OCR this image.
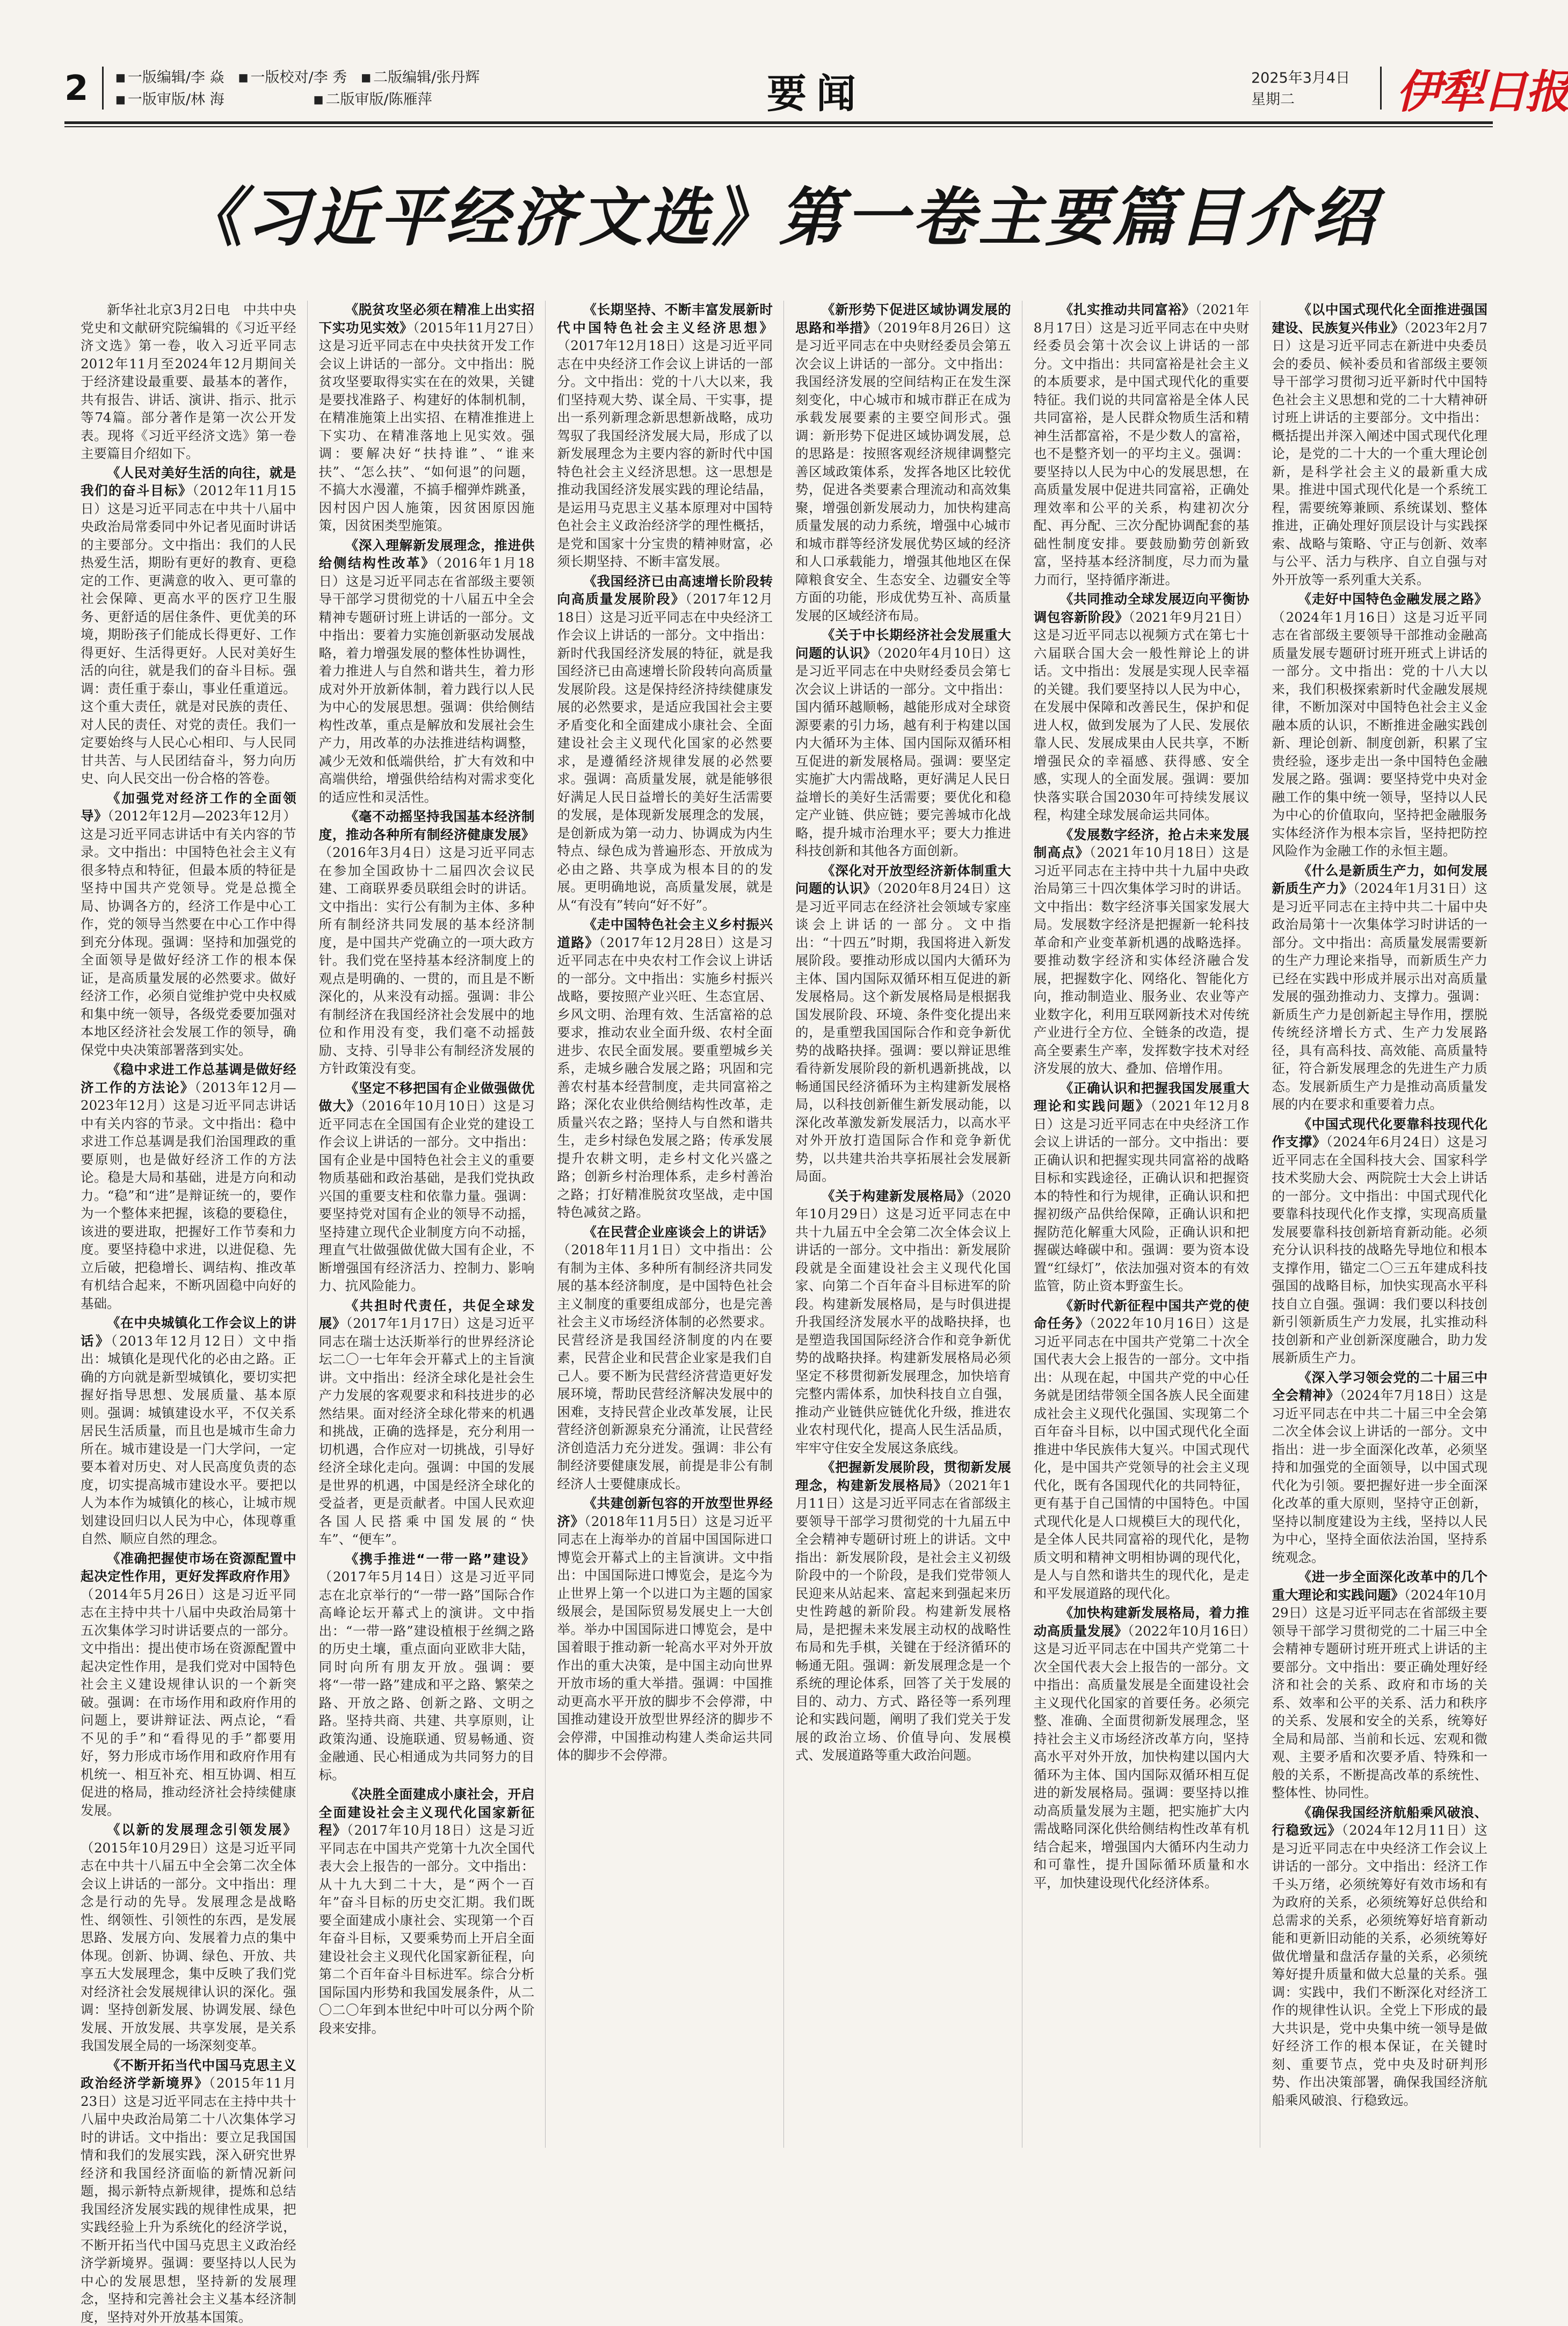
2	■ 一版编辑/李 焱 ■ 一版校对/李 秀 ■ 二版编辑/张丹辉
■ 一版审版/林 海	■ 二版审版/陈雁萍	要闻	2025年3月4日
星期二	伊犁日报
《习近平经济文选》第一卷主要篇目介绍

新华社北京3月2日电　中共中央党史和文献研究院编辑的《习近平经济文选》第一卷，收入习近平同志2012年11月至2024年12月期间关于经济建设最重要、最基本的著作，共有报告、讲话、演讲、指示、批示等74篇。部分著作是第一次公开发表。现将《习近平经济文选》第一卷主要篇目介绍如下。

《人民对美好生活的向往，就是我们的奋斗目标》（2012年11月15日）这是习近平同志在中共十八届中央政治局常委同中外记者见面时讲话的主要部分。文中指出：我们的人民热爱生活，期盼有更好的教育、更稳定的工作、更满意的收入、更可靠的社会保障、更高水平的医疗卫生服务、更舒适的居住条件、更优美的环境，期盼孩子们能成长得更好、工作得更好、生活得更好。人民对美好生活的向往，就是我们的奋斗目标。强调：责任重于泰山，事业任重道远。这个重大责任，就是对民族的责任、对人民的责任、对党的责任。我们一定要始终与人民心心相印、与人民同甘共苦、与人民团结奋斗，努力向历史、向人民交出一份合格的答卷。

《加强党对经济工作的全面领导》（2012年12月—2023年12月）这是习近平同志讲话中有关内容的节录。文中指出：中国特色社会主义有很多特点和特征，但最本质的特征是坚持中国共产党领导。党是总揽全局、协调各方的，经济工作是中心工作，党的领导当然要在中心工作中得到充分体现。强调：坚持和加强党的全面领导是做好经济工作的根本保证，是高质量发展的必然要求。做好经济工作，必须自觉维护党中央权威和集中统一领导，各级党委要加强对本地区经济社会发展工作的领导，确保党中央决策部署落到实处。

《稳中求进工作总基调是做好经济工作的方法论》（2013年12月—2023年12月）这是习近平同志讲话中有关内容的节录。文中指出：稳中求进工作总基调是我们治国理政的重要原则，也是做好经济工作的方法论。稳是大局和基础，进是方向和动力。“稳”和“进”是辩证统一的，要作为一个整体来把握，该稳的要稳住，该进的要进取，把握好工作节奏和力度。要坚持稳中求进，以进促稳、先立后破，把稳增长、调结构、推改革有机结合起来，不断巩固稳中向好的基础。

《在中央城镇化工作会议上的讲话》（2013年12月12日）文中指出：城镇化是现代化的必由之路。正确的方向就是新型城镇化，要切实把握好指导思想、发展质量、基本原则。强调：城镇建设水平，不仅关系居民生活质量，而且也是城市生命力所在。城市建设是一门大学问，一定要本着对历史、对人民高度负责的态度，切实提高城市建设水平。要把以人为本作为城镇化的核心，让城市规划建设回归以人民为中心，体现尊重自然、顺应自然的理念。

《准确把握使市场在资源配置中起决定性作用，更好发挥政府作用》（2014年5月26日）这是习近平同志在主持中共十八届中央政治局第十五次集体学习时讲话要点的一部分。文中指出：提出使市场在资源配置中起决定性作用，是我们党对中国特色社会主义建设规律认识的一个新突破。强调：在市场作用和政府作用的问题上，要讲辩证法、两点论，“看不见的手”和“看得见的手”都要用好，努力形成市场作用和政府作用有机统一、相互补充、相互协调、相互促进的格局，推动经济社会持续健康发展。

《以新的发展理念引领发展》（2015年10月29日）这是习近平同志在中共十八届五中全会第二次全体会议上讲话的一部分。文中指出：理念是行动的先导。发展理念是战略性、纲领性、引领性的东西，是发展思路、发展方向、发展着力点的集中体现。创新、协调、绿色、开放、共享五大发展理念，集中反映了我们党对经济社会发展规律认识的深化。强调：坚持创新发展、协调发展、绿色发展、开放发展、共享发展，是关系我国发展全局的一场深刻变革。

《不断开拓当代中国马克思主义政治经济学新境界》（2015年11月23日）这是习近平同志在主持中共十八届中央政治局第二十八次集体学习时的讲话。文中指出：要立足我国国情和我们的发展实践，深入研究世界经济和我国经济面临的新情况新问题，揭示新特点新规律，提炼和总结我国经济发展实践的规律性成果，把实践经验上升为系统化的经济学说，不断开拓当代中国马克思主义政治经济学新境界。强调：要坚持以人民为中心的发展思想，坚持新的发展理念，坚持和完善社会主义基本经济制度，坚持对外开放基本国策。

《脱贫攻坚必须在精准上出实招下实功见实效》（2015年11月27日）这是习近平同志在中央扶贫开发工作会议上讲话的一部分。文中指出：脱贫攻坚要取得实实在在的效果，关键是要找准路子、构建好的体制机制，在精准施策上出实招、在精准推进上下实功、在精准落地上见实效。强调：要解决好“扶持谁”、“谁来扶”、“怎么扶”、“如何退”的问题，不搞大水漫灌，不搞手榴弹炸跳蚤，因村因户因人施策，因贫困原因施策，因贫困类型施策。

《深入理解新发展理念，推进供给侧结构性改革》（2016年1月18日）这是习近平同志在省部级主要领导干部学习贯彻党的十八届五中全会精神专题研讨班上讲话的一部分。文中指出：要着力实施创新驱动发展战略，着力增强发展的整体性协调性，着力推进人与自然和谐共生，着力形成对外开放新体制，着力践行以人民为中心的发展思想。强调：供给侧结构性改革，重点是解放和发展社会生产力，用改革的办法推进结构调整，减少无效和低端供给，扩大有效和中高端供给，增强供给结构对需求变化的适应性和灵活性。

《毫不动摇坚持我国基本经济制度，推动各种所有制经济健康发展》（2016年3月4日）这是习近平同志在参加全国政协十二届四次会议民建、工商联界委员联组会时的讲话。文中指出：实行公有制为主体、多种所有制经济共同发展的基本经济制度，是中国共产党确立的一项大政方针。我们党在坚持基本经济制度上的观点是明确的、一贯的，而且是不断深化的，从来没有动摇。强调：非公有制经济在我国经济社会发展中的地位和作用没有变，我们毫不动摇鼓励、支持、引导非公有制经济发展的方针政策没有变。

《坚定不移把国有企业做强做优做大》（2016年10月10日）这是习近平同志在全国国有企业党的建设工作会议上讲话的一部分。文中指出：国有企业是中国特色社会主义的重要物质基础和政治基础，是我们党执政兴国的重要支柱和依靠力量。强调：要坚持党对国有企业的领导不动摇，坚持建立现代企业制度方向不动摇，理直气壮做强做优做大国有企业，不断增强国有经济活力、控制力、影响力、抗风险能力。

《共担时代责任，共促全球发展》（2017年1月17日）这是习近平同志在瑞士达沃斯举行的世界经济论坛二〇一七年年会开幕式上的主旨演讲。文中指出：经济全球化是社会生产力发展的客观要求和科技进步的必然结果。面对经济全球化带来的机遇和挑战，正确的选择是，充分利用一切机遇，合作应对一切挑战，引导好经济全球化走向。强调：中国的发展是世界的机遇，中国是经济全球化的受益者，更是贡献者。中国人民欢迎各国人民搭乘中国发展的“快车”、“便车”。

《携手推进“一带一路”建设》（2017年5月14日）这是习近平同志在北京举行的“一带一路”国际合作高峰论坛开幕式上的演讲。文中指出：“一带一路”建设植根于丝绸之路的历史土壤，重点面向亚欧非大陆，同时向所有朋友开放。强调：要将“一带一路”建成和平之路、繁荣之路、开放之路、创新之路、文明之路。坚持共商、共建、共享原则，让政策沟通、设施联通、贸易畅通、资金融通、民心相通成为共同努力的目标。

《决胜全面建成小康社会，开启全面建设社会主义现代化国家新征程》（2017年10月18日）这是习近平同志在中国共产党第十九次全国代表大会上报告的一部分。文中指出：从十九大到二十大，是“两个一百年”奋斗目标的历史交汇期。我们既要全面建成小康社会、实现第一个百年奋斗目标，又要乘势而上开启全面建设社会主义现代化国家新征程，向第二个百年奋斗目标进军。综合分析国际国内形势和我国发展条件，从二〇二〇年到本世纪中叶可以分两个阶段来安排。

《长期坚持、不断丰富发展新时代中国特色社会主义经济思想》（2017年12月18日）这是习近平同志在中央经济工作会议上讲话的一部分。文中指出：党的十八大以来，我们坚持观大势、谋全局、干实事，提出一系列新理念新思想新战略，成功驾驭了我国经济发展大局，形成了以新发展理念为主要内容的新时代中国特色社会主义经济思想。这一思想是推动我国经济发展实践的理论结晶，是运用马克思主义基本原理对中国特色社会主义政治经济学的理性概括，是党和国家十分宝贵的精神财富，必须长期坚持、不断丰富发展。

《我国经济已由高速增长阶段转向高质量发展阶段》（2017年12月18日）这是习近平同志在中央经济工作会议上讲话的一部分。文中指出：新时代我国经济发展的特征，就是我国经济已由高速增长阶段转向高质量发展阶段。这是保持经济持续健康发展的必然要求，是适应我国社会主要矛盾变化和全面建成小康社会、全面建设社会主义现代化国家的必然要求，是遵循经济规律发展的必然要求。强调：高质量发展，就是能够很好满足人民日益增长的美好生活需要的发展，是体现新发展理念的发展，是创新成为第一动力、协调成为内生特点、绿色成为普遍形态、开放成为必由之路、共享成为根本目的的发展。更明确地说，高质量发展，就是从“有没有”转向“好不好”。

《走中国特色社会主义乡村振兴道路》（2017年12月28日）这是习近平同志在中央农村工作会议上讲话的一部分。文中指出：实施乡村振兴战略，要按照产业兴旺、生态宜居、乡风文明、治理有效、生活富裕的总要求，推动农业全面升级、农村全面进步、农民全面发展。要重塑城乡关系，走城乡融合发展之路；巩固和完善农村基本经营制度，走共同富裕之路；深化农业供给侧结构性改革，走质量兴农之路；坚持人与自然和谐共生，走乡村绿色发展之路；传承发展提升农耕文明，走乡村文化兴盛之路；创新乡村治理体系，走乡村善治之路；打好精准脱贫攻坚战，走中国特色减贫之路。

《在民营企业座谈会上的讲话》（2018年11月1日）文中指出：公有制为主体、多种所有制经济共同发展的基本经济制度，是中国特色社会主义制度的重要组成部分，也是完善社会主义市场经济体制的必然要求。民营经济是我国经济制度的内在要素，民营企业和民营企业家是我们自己人。要不断为民营经济营造更好发展环境，帮助民营经济解决发展中的困难，支持民营企业改革发展，让民营经济创新源泉充分涌流，让民营经济创造活力充分迸发。强调：非公有制经济要健康发展，前提是非公有制经济人士要健康成长。

《共建创新包容的开放型世界经济》（2018年11月5日）这是习近平同志在上海举办的首届中国国际进口博览会开幕式上的主旨演讲。文中指出：中国国际进口博览会，是迄今为止世界上第一个以进口为主题的国家级展会，是国际贸易发展史上一大创举。举办中国国际进口博览会，是中国着眼于推动新一轮高水平对外开放作出的重大决策，是中国主动向世界开放市场的重大举措。强调：中国推动更高水平开放的脚步不会停滞，中国推动建设开放型世界经济的脚步不会停滞，中国推动构建人类命运共同体的脚步不会停滞。

《新形势下促进区域协调发展的思路和举措》（2019年8月26日）这是习近平同志在中央财经委员会第五次会议上讲话的一部分。文中指出：我国经济发展的空间结构正在发生深刻变化，中心城市和城市群正在成为承载发展要素的主要空间形式。强调：新形势下促进区域协调发展，总的思路是：按照客观经济规律调整完善区域政策体系，发挥各地区比较优势，促进各类要素合理流动和高效集聚，增强创新发展动力，加快构建高质量发展的动力系统，增强中心城市和城市群等经济发展优势区域的经济和人口承载能力，增强其他地区在保障粮食安全、生态安全、边疆安全等方面的功能，形成优势互补、高质量发展的区域经济布局。

《关于中长期经济社会发展重大问题的认识》（2020年4月10日）这是习近平同志在中央财经委员会第七次会议上讲话的一部分。文中指出：国内循环越顺畅，越能形成对全球资源要素的引力场，越有利于构建以国内大循环为主体、国内国际双循环相互促进的新发展格局。强调：要坚定实施扩大内需战略，更好满足人民日益增长的美好生活需要；要优化和稳定产业链、供应链；要完善城市化战略，提升城市治理水平；要大力推进科技创新和其他各方面创新。

《深化对开放型经济新体制重大问题的认识》（2020年8月24日）这是习近平同志在经济社会领域专家座谈会上讲话的一部分。文中指出：“十四五”时期，我国将进入新发展阶段。要推动形成以国内大循环为主体、国内国际双循环相互促进的新发展格局。这个新发展格局是根据我国发展阶段、环境、条件变化提出来的，是重塑我国国际合作和竞争新优势的战略抉择。强调：要以辩证思维看待新发展阶段的新机遇新挑战，以畅通国民经济循环为主构建新发展格局，以科技创新催生新发展动能，以深化改革激发新发展活力，以高水平对外开放打造国际合作和竞争新优势，以共建共治共享拓展社会发展新局面。

《关于构建新发展格局》（2020年10月29日）这是习近平同志在中共十九届五中全会第二次全体会议上讲话的一部分。文中指出：新发展阶段就是全面建设社会主义现代化国家、向第二个百年奋斗目标进军的阶段。构建新发展格局，是与时俱进提升我国经济发展水平的战略抉择，也是塑造我国国际经济合作和竞争新优势的战略抉择。构建新发展格局必须坚定不移贯彻新发展理念，加快培育完整内需体系，加快科技自立自强，推动产业链供应链优化升级，推进农业农村现代化，提高人民生活品质，牢牢守住安全发展这条底线。

《把握新发展阶段，贯彻新发展理念，构建新发展格局》（2021年1月11日）这是习近平同志在省部级主要领导干部学习贯彻党的十九届五中全会精神专题研讨班上的讲话。文中指出：新发展阶段，是社会主义初级阶段中的一个阶段，是我们党带领人民迎来从站起来、富起来到强起来历史性跨越的新阶段。构建新发展格局，是把握未来发展主动权的战略性布局和先手棋，关键在于经济循环的畅通无阻。强调：新发展理念是一个系统的理论体系，回答了关于发展的目的、动力、方式、路径等一系列理论和实践问题，阐明了我们党关于发展的政治立场、价值导向、发展模式、发展道路等重大政治问题。

《扎实推动共同富裕》（2021年8月17日）这是习近平同志在中央财经委员会第十次会议上讲话的一部分。文中指出：共同富裕是社会主义的本质要求，是中国式现代化的重要特征。我们说的共同富裕是全体人民共同富裕，是人民群众物质生活和精神生活都富裕，不是少数人的富裕，也不是整齐划一的平均主义。强调：要坚持以人民为中心的发展思想，在高质量发展中促进共同富裕，正确处理效率和公平的关系，构建初次分配、再分配、三次分配协调配套的基础性制度安排。要鼓励勤劳创新致富，坚持基本经济制度，尽力而为量力而行，坚持循序渐进。

《共同推动全球发展迈向平衡协调包容新阶段》（2021年9月21日）这是习近平同志以视频方式在第七十六届联合国大会一般性辩论上的讲话。文中指出：发展是实现人民幸福的关键。我们要坚持以人民为中心，在发展中保障和改善民生，保护和促进人权，做到发展为了人民、发展依靠人民、发展成果由人民共享，不断增强民众的幸福感、获得感、安全感，实现人的全面发展。强调：要加快落实联合国2030年可持续发展议程，构建全球发展命运共同体。

《发展数字经济，抢占未来发展制高点》（2021年10月18日）这是习近平同志在主持中共十九届中央政治局第三十四次集体学习时的讲话。文中指出：数字经济事关国家发展大局。发展数字经济是把握新一轮科技革命和产业变革新机遇的战略选择。要推动数字经济和实体经济融合发展，把握数字化、网络化、智能化方向，推动制造业、服务业、农业等产业数字化，利用互联网新技术对传统产业进行全方位、全链条的改造，提高全要素生产率，发挥数字技术对经济发展的放大、叠加、倍增作用。

《正确认识和把握我国发展重大理论和实践问题》（2021年12月8日）这是习近平同志在中央经济工作会议上讲话的一部分。文中指出：要正确认识和把握实现共同富裕的战略目标和实践途径，正确认识和把握资本的特性和行为规律，正确认识和把握初级产品供给保障，正确认识和把握防范化解重大风险，正确认识和把握碳达峰碳中和。强调：要为资本设置“红绿灯”，依法加强对资本的有效监管，防止资本野蛮生长。

《新时代新征程中国共产党的使命任务》（2022年10月16日）这是习近平同志在中国共产党第二十次全国代表大会上报告的一部分。文中指出：从现在起，中国共产党的中心任务就是团结带领全国各族人民全面建成社会主义现代化强国、实现第二个百年奋斗目标，以中国式现代化全面推进中华民族伟大复兴。中国式现代化，是中国共产党领导的社会主义现代化，既有各国现代化的共同特征，更有基于自己国情的中国特色。中国式现代化是人口规模巨大的现代化，是全体人民共同富裕的现代化，是物质文明和精神文明相协调的现代化，是人与自然和谐共生的现代化，是走和平发展道路的现代化。

《加快构建新发展格局，着力推动高质量发展》（2022年10月16日）这是习近平同志在中国共产党第二十次全国代表大会上报告的一部分。文中指出：高质量发展是全面建设社会主义现代化国家的首要任务。必须完整、准确、全面贯彻新发展理念，坚持社会主义市场经济改革方向，坚持高水平对外开放，加快构建以国内大循环为主体、国内国际双循环相互促进的新发展格局。强调：要坚持以推动高质量发展为主题，把实施扩大内需战略同深化供给侧结构性改革有机结合起来，增强国内大循环内生动力和可靠性，提升国际循环质量和水平，加快建设现代化经济体系。

《以中国式现代化全面推进强国建设、民族复兴伟业》（2023年2月7日）这是习近平同志在新进中央委员会的委员、候补委员和省部级主要领导干部学习贯彻习近平新时代中国特色社会主义思想和党的二十大精神研讨班上讲话的主要部分。文中指出：概括提出并深入阐述中国式现代化理论，是党的二十大的一个重大理论创新，是科学社会主义的最新重大成果。推进中国式现代化是一个系统工程，需要统筹兼顾、系统谋划、整体推进，正确处理好顶层设计与实践探索、战略与策略、守正与创新、效率与公平、活力与秩序、自立自强与对外开放等一系列重大关系。

《走好中国特色金融发展之路》（2024年1月16日）这是习近平同志在省部级主要领导干部推动金融高质量发展专题研讨班开班式上讲话的一部分。文中指出：党的十八大以来，我们积极探索新时代金融发展规律，不断加深对中国特色社会主义金融本质的认识，不断推进金融实践创新、理论创新、制度创新，积累了宝贵经验，逐步走出一条中国特色金融发展之路。强调：要坚持党中央对金融工作的集中统一领导，坚持以人民为中心的价值取向，坚持把金融服务实体经济作为根本宗旨，坚持把防控风险作为金融工作的永恒主题。

《什么是新质生产力，如何发展新质生产力》（2024年1月31日）这是习近平同志在主持中共二十届中央政治局第十一次集体学习时讲话的一部分。文中指出：高质量发展需要新的生产力理论来指导，而新质生产力已经在实践中形成并展示出对高质量发展的强劲推动力、支撑力。强调：新质生产力是创新起主导作用，摆脱传统经济增长方式、生产力发展路径，具有高科技、高效能、高质量特征，符合新发展理念的先进生产力质态。发展新质生产力是推动高质量发展的内在要求和重要着力点。

《中国式现代化要靠科技现代化作支撑》（2024年6月24日）这是习近平同志在全国科技大会、国家科学技术奖励大会、两院院士大会上讲话的一部分。文中指出：中国式现代化要靠科技现代化作支撑，实现高质量发展要靠科技创新培育新动能。必须充分认识科技的战略先导地位和根本支撑作用，锚定二〇三五年建成科技强国的战略目标，加快实现高水平科技自立自强。强调：我们要以科技创新引领新质生产力发展，扎实推动科技创新和产业创新深度融合，助力发展新质生产力。

《深入学习领会党的二十届三中全会精神》（2024年7月18日）这是习近平同志在中共二十届三中全会第二次全体会议上讲话的一部分。文中指出：进一步全面深化改革，必须坚持和加强党的全面领导，以中国式现代化为引领。要把握好进一步全面深化改革的重大原则，坚持守正创新，坚持以制度建设为主线，坚持以人民为中心，坚持全面依法治国，坚持系统观念。

《进一步全面深化改革中的几个重大理论和实践问题》（2024年10月29日）这是习近平同志在省部级主要领导干部学习贯彻党的二十届三中全会精神专题研讨班开班式上讲话的主要部分。文中指出：要正确处理好经济和社会的关系、政府和市场的关系、效率和公平的关系、活力和秩序的关系、发展和安全的关系，统筹好全局和局部、当前和长远、宏观和微观、主要矛盾和次要矛盾、特殊和一般的关系，不断提高改革的系统性、整体性、协同性。

《确保我国经济航船乘风破浪、行稳致远》（2024年12月11日）这是习近平同志在中央经济工作会议上讲话的一部分。文中指出：经济工作千头万绪，必须统筹好有效市场和有为政府的关系，必须统筹好总供给和总需求的关系，必须统筹好培育新动能和更新旧动能的关系，必须统筹好做优增量和盘活存量的关系，必须统筹好提升质量和做大总量的关系。强调：实践中，我们不断深化对经济工作的规律性认识。全党上下形成的最大共识是，党中央集中统一领导是做好经济工作的根本保证，在关键时刻、重要节点，党中央及时研判形势、作出决策部署，确保我国经济航船乘风破浪、行稳致远。
